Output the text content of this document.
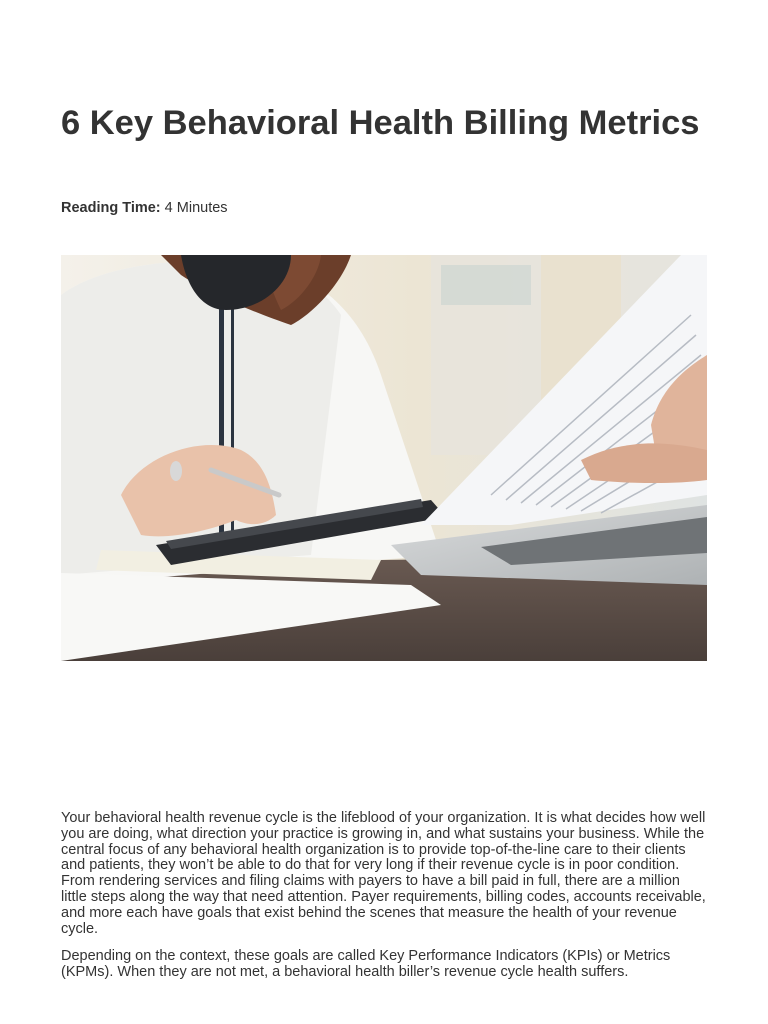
6 Key Behavioral Health Billing Metrics
Reading Time: 4 Minutes

Your behavioral health revenue cycle is the lifeblood of your organization. It is what decides how well you are doing, what direction your practice is growing in, and what sustains your business. While the central focus of any behavioral health organization is to provide top-of-the-line care to their clients and patients, they won’t be able to do that for very long if their revenue cycle is in poor condition. From rendering services and filing claims with payers to have a bill paid in full, there are a million little steps along the way that need attention. Payer requirements, billing codes, accounts receivable, and more each have goals that exist behind the scenes that measure the health of your revenue cycle.

Depending on the context, these goals are called Key Performance Indicators (KPIs) or Metrics (KPMs). When they are not met, a behavioral health biller’s revenue cycle health suffers.
